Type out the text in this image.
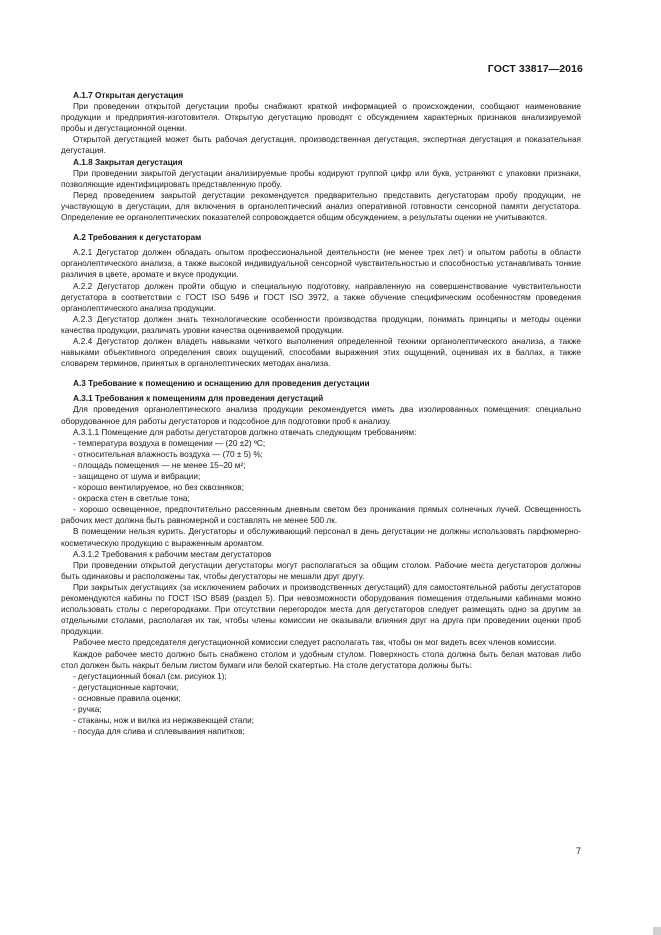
ГОСТ 33817—2016

А.1.7 Открытая дегустация

При проведении открытой дегустации пробы снабжают краткой информацией о происхождении, сообщают наименование продукции и предприятия-изготовителя. Открытую дегустацию проводят с обсуждением характерных признаков анализируемой пробы и дегустационной оценки.

Открытой дегустацией может быть рабочая дегустация, производственная дегустация, экспертная дегустация и показательная дегустация.

А.1.8 Закрытая дегустация

При проведении закрытой дегустации анализируемые пробы кодируют группой цифр или букв, устраняют с упаковки признаки, позволяющие идентифицировать представленную пробу.

Перед проведением закрытой дегустации рекомендуется предварительно представить дегустаторам пробу продукции, не участвующую в дегустации, для включения в органолептический анализ оперативной готовности сенсорной памяти дегустатора. Определение ее органолептических показателей сопровождается общим обсуждением, а результаты оценки не учитываются.

А.2 Требования к дегустаторам

А.2.1 Дегустатор должен обладать опытом профессиональной деятельности (не менее трех лет) и опытом работы в области органолептического анализа, а также высокой индивидуальной сенсорной чувствительностью и способностью устанавливать тонкие различия в цвете, аромате и вкусе продукции.

А.2.2 Дегустатор должен пройти общую и специальную подготовку, направленную на совершенствование чувствительности дегустатора в соответствии с ГОСТ ISO 5496 и ГОСТ ISO 3972, а также обучение специфическим особенностям проведения органолептического анализа продукции.

А.2.3 Дегустатор должен знать технологические особенности производства продукции, понимать принципы и методы оценки качества продукции, различать уровни качества оцениваемой продукции.

А.2.4 Дегустатор должен владеть навыками четкого выполнения определенной техники органолептического анализа, а также навыками объективного определения своих ощущений, способами выражения этих ощущений, оценивая их в баллах, а также словарем терминов, принятых в органолептических методах анализа.

А.3 Требование к помещению и оснащению для проведения дегустации

А.3.1 Требования к помещениям для проведения дегустаций

Для проведения органолептического анализа продукции рекомендуется иметь два изолированных помещения: специально оборудованное для работы дегустаторов и подсобное для подготовки проб к анализу.

А.3.1.1 Помещение для работы дегустаторов должно отвечать следующим требованиям:

- температура воздуха в помещении — (20 ±2) ºC;

- относительная влажность воздуха — (70 ± 5) %;

- площадь помещения — не менее 15–20 м²;

- защищено от шума и вибрации;

- хорошо вентилируемое, но без сквозняков;

- окраска стен в светлые тона;

- хорошо освещенное, предпочтительно рассеянным дневным светом без проникания прямых солнечных лучей. Освещенность рабочих мест должна быть равномерной и составлять не менее 500 лк.

В помещении нельзя курить. Дегустаторы и обслуживающий персонал в день дегустации не должны использовать парфюмерно-косметическую продукцию с выраженным ароматом.

А.3.1.2 Требования к рабочим местам дегустаторов

При проведении открытой дегустации дегустаторы могут располагаться за общим столом. Рабочие места дегустаторов должны быть одинаковы и расположены так, чтобы дегустаторы не мешали друг другу.

При закрытых дегустациях (за исключением рабочих и производственных дегустаций) для самостоятельной работы дегустаторов рекомендуются кабины по ГОСТ ISO 8589 (раздел 5). При невозможности оборудования помещения отдельными кабинами можно использовать столы с перегородками. При отсутствии перегородок места для дегустаторов следует размещать одно за другим за отдельными столами, располагая их так, чтобы члены комиссии не оказывали влияния друг на друга при проведении оценки проб продукции.

Рабочее место председателя дегустационной комиссии следует располагать так, чтобы он мог видеть всех членов комиссии.

Каждое рабочее место должно быть снабжено столом и удобным стулом. Поверхность стола должна быть белая матовая либо стол должен быть накрыт белым листом бумаги или белой скатертью. На столе дегустатора должны быть:

- дегустационный бокал (см. рисунок 1);

- дегустационные карточки;

- основные правила оценки;

- ручка;

- стаканы, нож и вилка из нержавеющей стали;

- посуда для слива и сплевывания напитков;

7
